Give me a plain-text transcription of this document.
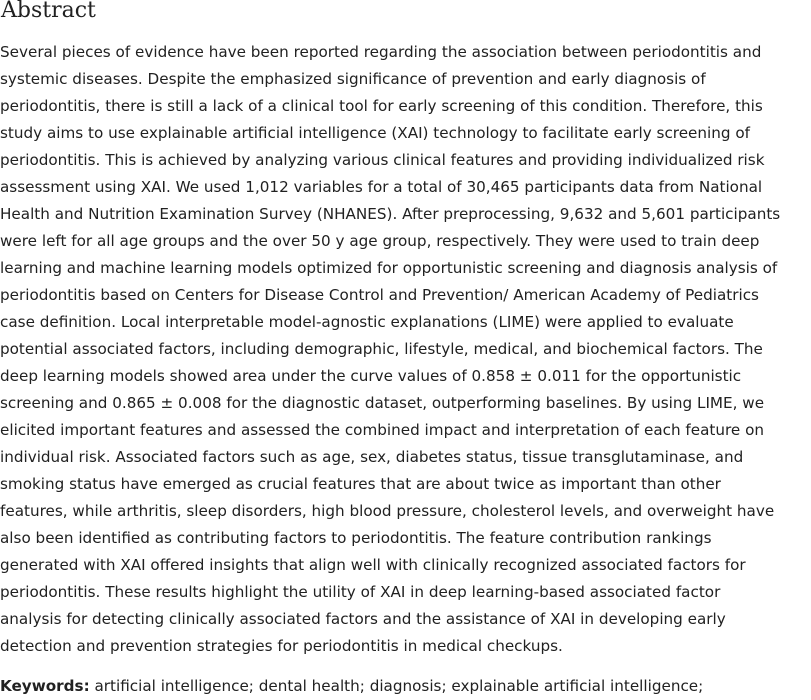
Abstract

Several pieces of evidence have been reported regarding the association between periodontitis and

systemic diseases. Despite the emphasized significance of prevention and early diagnosis of

periodontitis, there is still a lack of a clinical tool for early screening of this condition. Therefore, this

study aims to use explainable artificial intelligence (XAI) technology to facilitate early screening of

periodontitis. This is achieved by analyzing various clinical features and providing individualized risk

assessment using XAI. We used 1,012 variables for a total of 30,465 participants data from National

Health and Nutrition Examination Survey (NHANES). After preprocessing, 9,632 and 5,601 participants

were left for all age groups and the over 50 y age group, respectively. They were used to train deep

learning and machine learning models optimized for opportunistic screening and diagnosis analysis of

periodontitis based on Centers for Disease Control and Prevention/ American Academy of Pediatrics

case definition. Local interpretable model-agnostic explanations (LIME) were applied to evaluate

potential associated factors, including demographic, lifestyle, medical, and biochemical factors. The

deep learning models showed area under the curve values of 0.858 ± 0.011 for the opportunistic

screening and 0.865 ± 0.008 for the diagnostic dataset, outperforming baselines. By using LIME, we

elicited important features and assessed the combined impact and interpretation of each feature on

individual risk. Associated factors such as age, sex, diabetes status, tissue transglutaminase, and

smoking status have emerged as crucial features that are about twice as important than other

features, while arthritis, sleep disorders, high blood pressure, cholesterol levels, and overweight have

also been identified as contributing factors to periodontitis. The feature contribution rankings

generated with XAI offered insights that align well with clinically recognized associated factors for

periodontitis. These results highlight the utility of XAI in deep learning-based associated factor

analysis for detecting clinically associated factors and the assistance of XAI in developing early

detection and prevention strategies for periodontitis in medical checkups.

Keywords: artificial intelligence; dental health; diagnosis; explainable artificial intelligence;
